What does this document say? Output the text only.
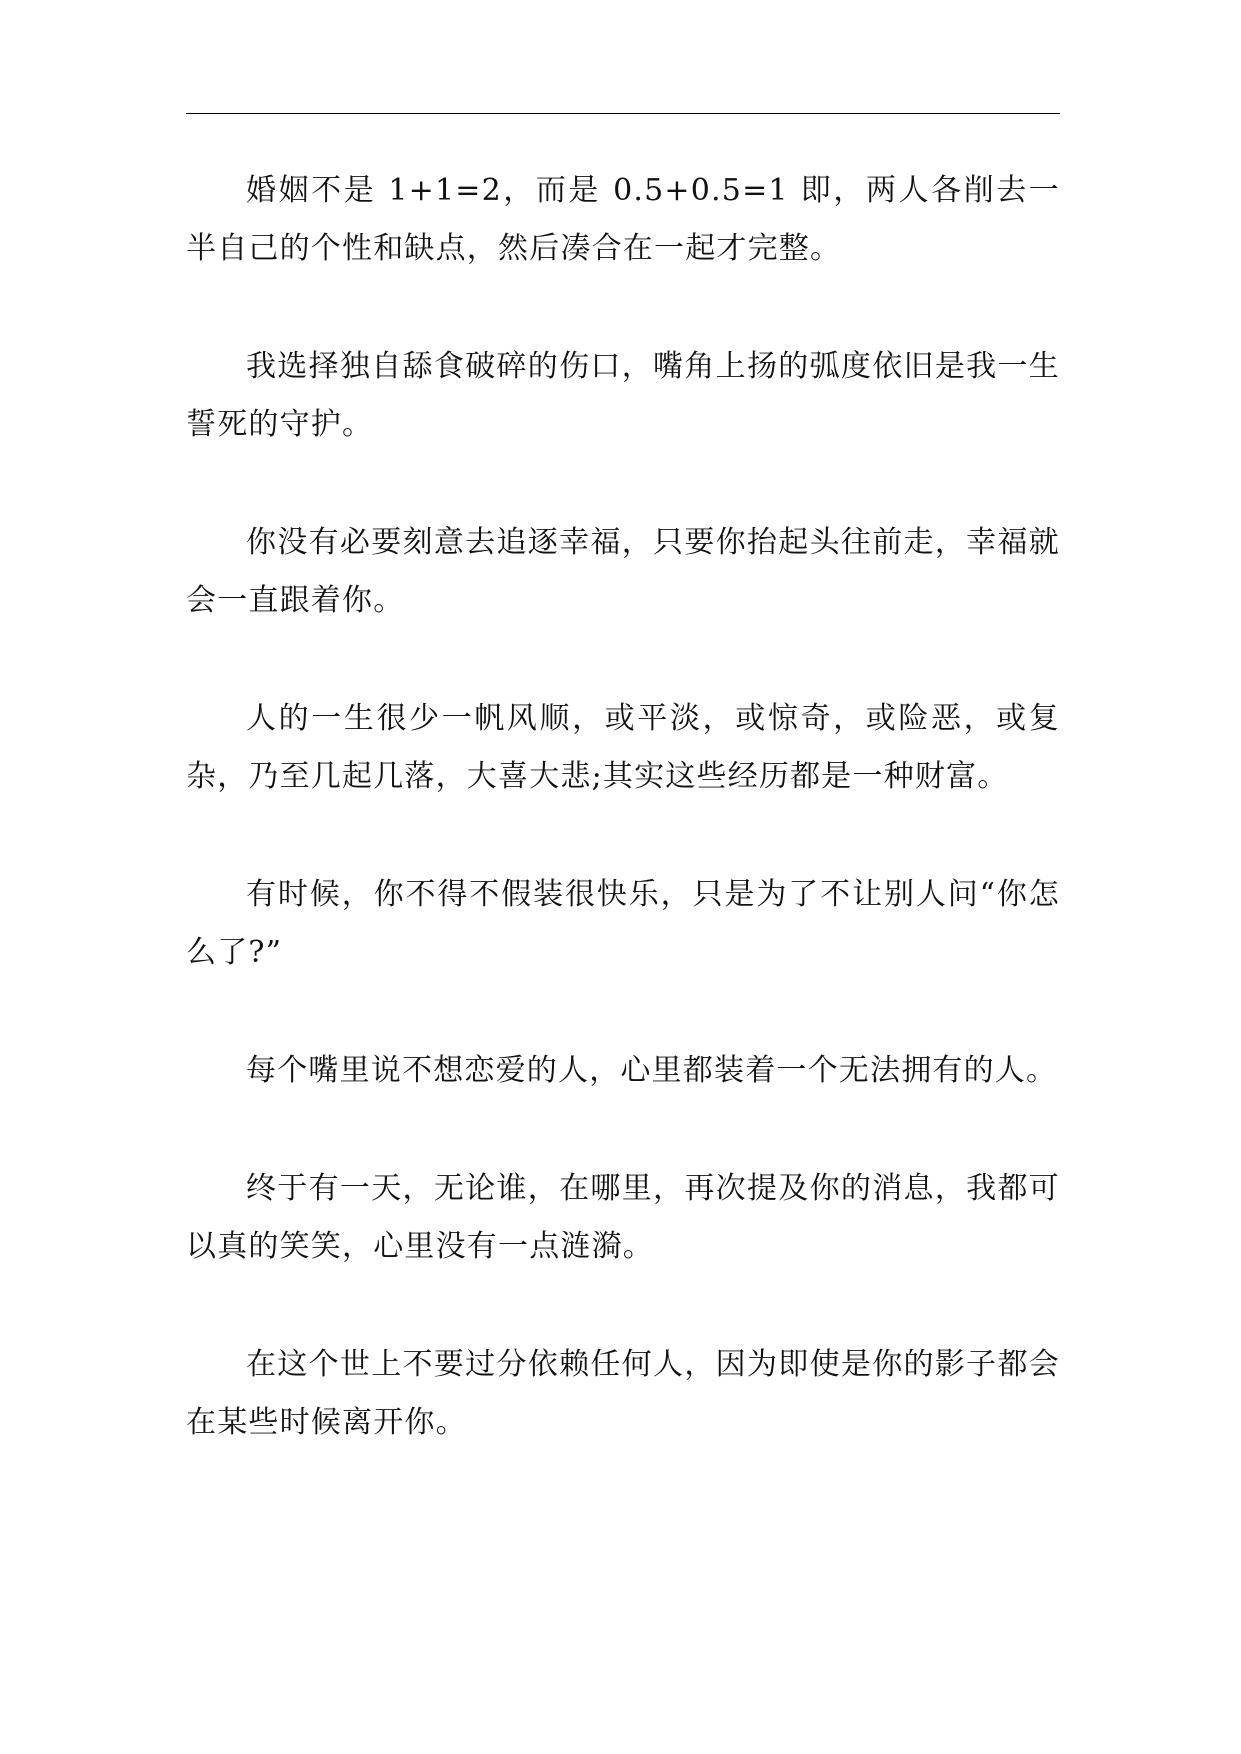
婚姻不是 1+1=2，而是 0.5+0.5=1 即，两人各削去一半自己的个性和缺点，然后凑合在一起才完整。

我选择独自舔食破碎的伤口，嘴角上扬的弧度依旧是我一生誓死的守护。

你没有必要刻意去追逐幸福，只要你抬起头往前走，幸福就会一直跟着你。

人的一生很少一帆风顺，或平淡，或惊奇，或险恶，或复杂，乃至几起几落，大喜大悲;其实这些经历都是一种财富。

有时候，你不得不假装很快乐，只是为了不让别人问“你怎么了?”

每个嘴里说不想恋爱的人，心里都装着一个无法拥有的人。

终于有一天，无论谁，在哪里，再次提及你的消息，我都可以真的笑笑，心里没有一点涟漪。

在这个世上不要过分依赖任何人，因为即使是你的影子都会在某些时候离开你。
